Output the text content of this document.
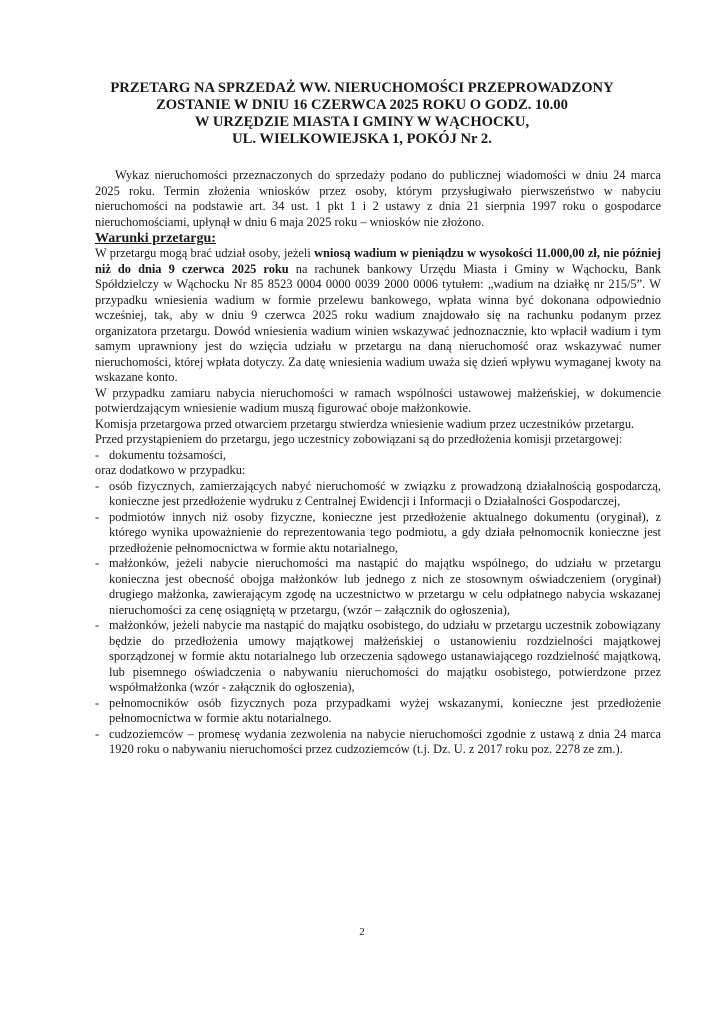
PRZETARG NA SPRZEDAŻ WW. NIERUCHOMOŚCI PRZEPROWADZONY
ZOSTANIE W DNIU 16 CZERWCA 2025 ROKU O GODZ. 10.00
W URZĘDZIE MIASTA I GMINY W WĄCHOCKU,
UL. WIELKOWIEJSKA 1, POKÓJ Nr 2.

Wykaz nieruchomości przeznaczonych do sprzedaży podano do publicznej wiadomości w dniu 24 marca 2025 roku. Termin złożenia wniosków przez osoby, którym przysługiwało pierwszeństwo w nabyciu nieruchomości na podstawie art. 34 ust. 1 pkt 1 i 2 ustawy z dnia 21 sierpnia 1997 roku o gospodarce nieruchomościami, upłynął w dniu 6 maja 2025 roku – wniosków nie złożono.

Warunki przetargu:

W przetargu mogą brać udział osoby, jeżeli wniosą wadium w pieniądzu w wysokości 11.000,00 zł, nie później niż do dnia 9 czerwca 2025 roku na rachunek bankowy Urzędu Miasta i Gminy w Wąchocku, Bank Spółdzielczy w Wąchocku Nr 85 8523 0004 0000 0039 2000 0006 tytułem: „wadium na działkę nr 215/5”. W przypadku wniesienia wadium w formie przelewu bankowego, wpłata winna być dokonana odpowiednio wcześniej, tak, aby w dniu 9 czerwca 2025 roku wadium znajdowało się na rachunku podanym przez organizatora przetargu. Dowód wniesienia wadium winien wskazywać jednoznacznie, kto wpłacił wadium i tym samym uprawniony jest do wzięcia udziału w przetargu na daną nieruchomość oraz wskazywać numer nieruchomości, której wpłata dotyczy. Za datę wniesienia wadium uważa się dzień wpływu wymaganej kwoty na wskazane konto.

W przypadku zamiaru nabycia nieruchomości w ramach wspólności ustawowej małżeńskiej, w dokumencie potwierdzającym wniesienie wadium muszą figurować oboje małżonkowie.

Komisja przetargowa przed otwarciem przetargu stwierdza wniesienie wadium przez uczestników przetargu.

Przed przystąpieniem do przetargu, jego uczestnicy zobowiązani są do przedłożenia komisji przetargowej:

- dokumentu tożsamości,

oraz dodatkowo w przypadku:

- osób fizycznych, zamierzających nabyć nieruchomość w związku z prowadzoną działalnością gospodarczą, konieczne jest przedłożenie wydruku z Centralnej Ewidencji i Informacji o Działalności Gospodarczej,
- podmiotów innych niż osoby fizyczne, konieczne jest przedłożenie aktualnego dokumentu (oryginał), z którego wynika upoważnienie do reprezentowania tego podmiotu, a gdy działa pełnomocnik konieczne jest przedłożenie pełnomocnictwa w formie aktu notarialnego,
- małżonków, jeżeli nabycie nieruchomości ma nastąpić do majątku wspólnego, do udziału w przetargu konieczna jest obecność obojga małżonków lub jednego z nich ze stosownym oświadczeniem (oryginał) drugiego małżonka, zawierającym zgodę na uczestnictwo w przetargu w celu odpłatnego nabycia wskazanej nieruchomości za cenę osiągniętą w przetargu, (wzór – załącznik do ogłoszenia),
- małżonków, jeżeli nabycie ma nastąpić do majątku osobistego, do udziału w przetargu uczestnik zobowiązany będzie do przedłożenia umowy majątkowej małżeńskiej o ustanowieniu rozdzielności majątkowej sporządzonej w formie aktu notarialnego lub orzeczenia sądowego ustanawiającego rozdzielność majątkową, lub pisemnego oświadczenia o nabywaniu nieruchomości do majątku osobistego, potwierdzone przez współmałżonka (wzór - załącznik do ogłoszenia),
- pełnomocników osób fizycznych poza przypadkami wyżej wskazanymi, konieczne jest przedłożenie pełnomocnictwa w formie aktu notarialnego.
- cudzoziemców – promesę wydania zezwolenia na nabycie nieruchomości zgodnie z ustawą z dnia 24 marca 1920 roku o nabywaniu nieruchomości przez cudzoziemców (t.j. Dz. U. z 2017 roku poz. 2278 ze zm.).
2
